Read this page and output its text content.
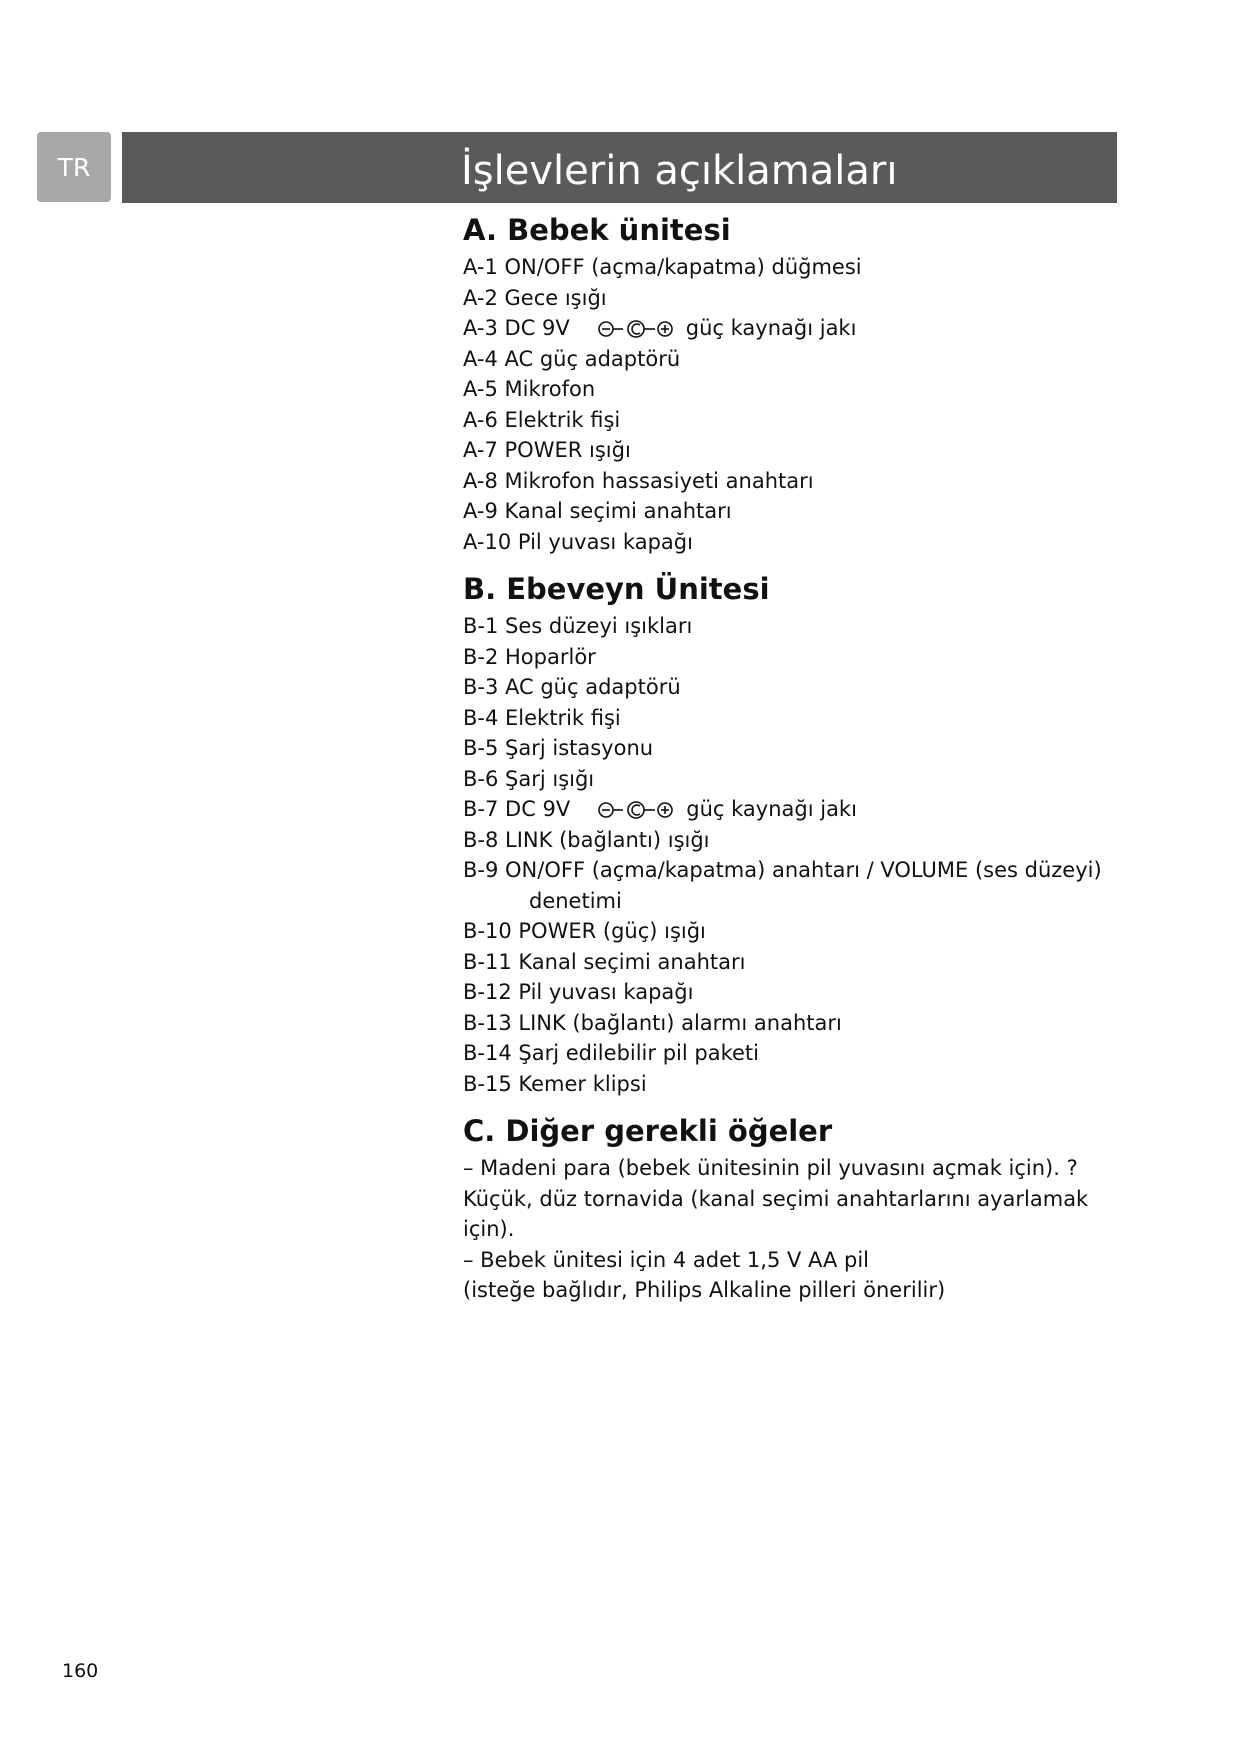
TR	İşlevlerin açıklamaları
A. Bebek ünitesi
A-1 ON/OFF (açma/kapatma) düğmesi
A-2 Gece ışığı
A-3 DC 9V	güç kaynağı jakı
A-4 AC güç adaptörü
A-5 Mikrofon
A-6 Elektrik fişi
A-7 POWER ışığı
A-8 Mikrofon hassasiyeti anahtarı
A-9 Kanal seçimi anahtarı
A-10 Pil yuvası kapağı
B. Ebeveyn Ünitesi
B-1 Ses düzeyi ışıkları
B-2 Hoparlör
B-3 AC güç adaptörü
B-4 Elektrik fişi
B-5 Şarj istasyonu
B-6 Şarj ışığı
B-7 DC 9V	güç kaynağı jakı
B-8 LINK (bağlantı) ışığı
B-9 ON/OFF (açma/kapatma) anahtarı / VOLUME (ses düzeyi)
denetimi
B-10 POWER (güç) ışığı
B-11 Kanal seçimi anahtarı
B-12 Pil yuvası kapağı
B-13 LINK (bağlantı) alarmı anahtarı
B-14 Şarj edilebilir pil paketi
B-15 Kemer klipsi
C. Diğer gerekli öğeler
– Madeni para (bebek ünitesinin pil yuvasını açmak için). ?
Küçük, düz tornavida (kanal seçimi anahtarlarını ayarlamak
için).
– Bebek ünitesi için 4 adet 1,5 V AA pil
(isteğe bağlıdır, Philips Alkaline pilleri önerilir)
160
